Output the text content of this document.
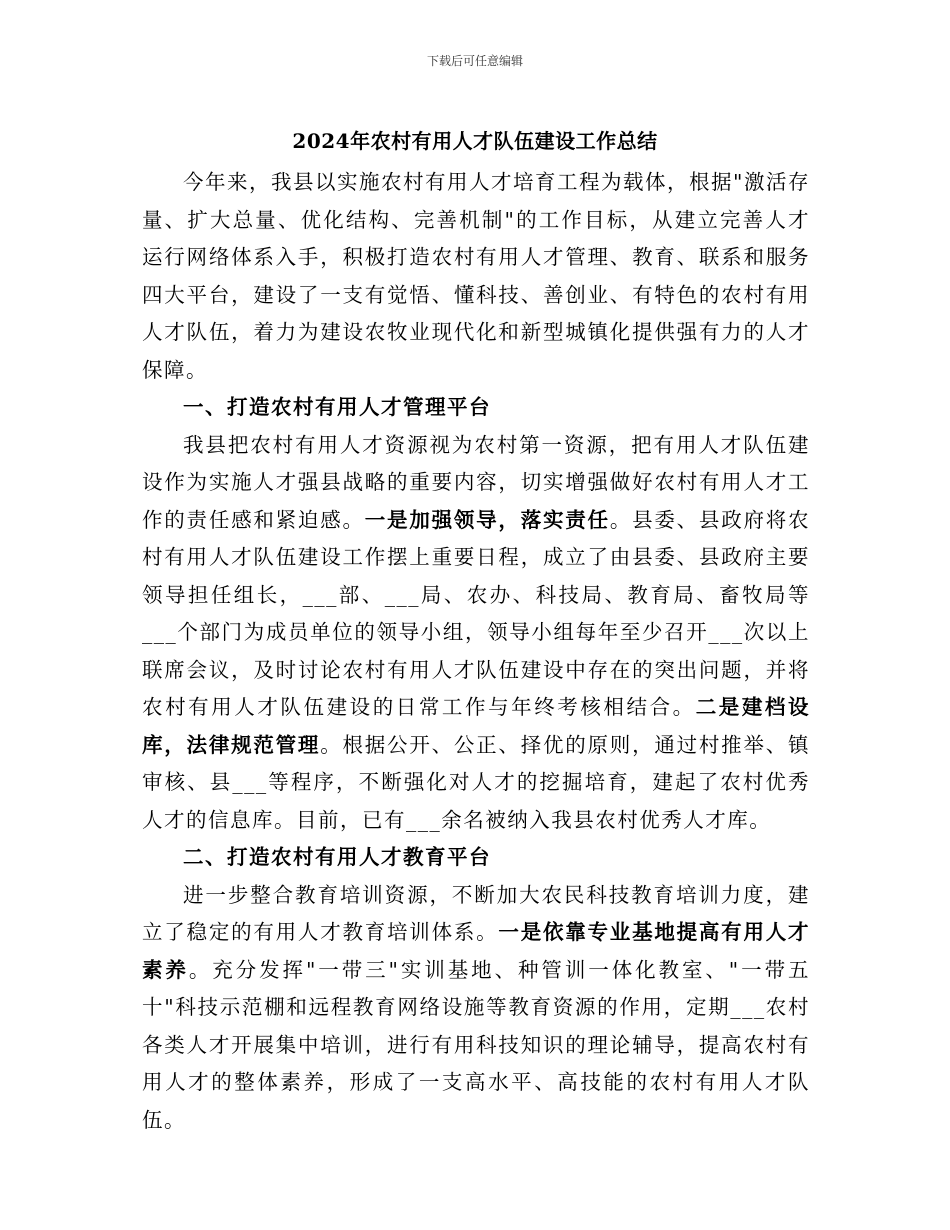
下载后可任意编辑
2024年农村有用人才队伍建设工作总结

今年来，我县以实施农村有用人才培育工程为载体，根据"激活存量、扩大总量、优化结构、完善机制"的工作目标，从建立完善人才运行网络体系入手，积极打造农村有用人才管理、教育、联系和服务四大平台，建设了一支有觉悟、懂科技、善创业、有特色的农村有用人才队伍，着力为建设农牧业现代化和新型城镇化提供强有力的人才保障。

一、打造农村有用人才管理平台

我县把农村有用人才资源视为农村第一资源，把有用人才队伍建设作为实施人才强县战略的重要内容，切实增强做好农村有用人才工作的责任感和紧迫感。一是加强领导，落实责任。县委、县政府将农村有用人才队伍建设工作摆上重要日程，成立了由县委、县政府主要领导担任组长，___部、___局、农办、科技局、教育局、畜牧局等___个部门为成员单位的领导小组，领导小组每年至少召开___次以上联席会议，及时讨论农村有用人才队伍建设中存在的突出问题，并将农村有用人才队伍建设的日常工作与年终考核相结合。二是建档设库，法律规范管理。根据公开、公正、择优的原则，通过村推举、镇审核、县___等程序，不断强化对人才的挖掘培育，建起了农村优秀人才的信息库。目前，已有___余名被纳入我县农村优秀人才库。

二、打造农村有用人才教育平台

进一步整合教育培训资源，不断加大农民科技教育培训力度，建立了稳定的有用人才教育培训体系。一是依靠专业基地提高有用人才素养。充分发挥"一带三"实训基地、种管训一体化教室、"一带五十"科技示范棚和远程教育网络设施等教育资源的作用，定期___农村各类人才开展集中培训，进行有用科技知识的理论辅导，提高农村有用人才的整体素养，形成了一支高水平、高技能的农村有用人才队伍。
